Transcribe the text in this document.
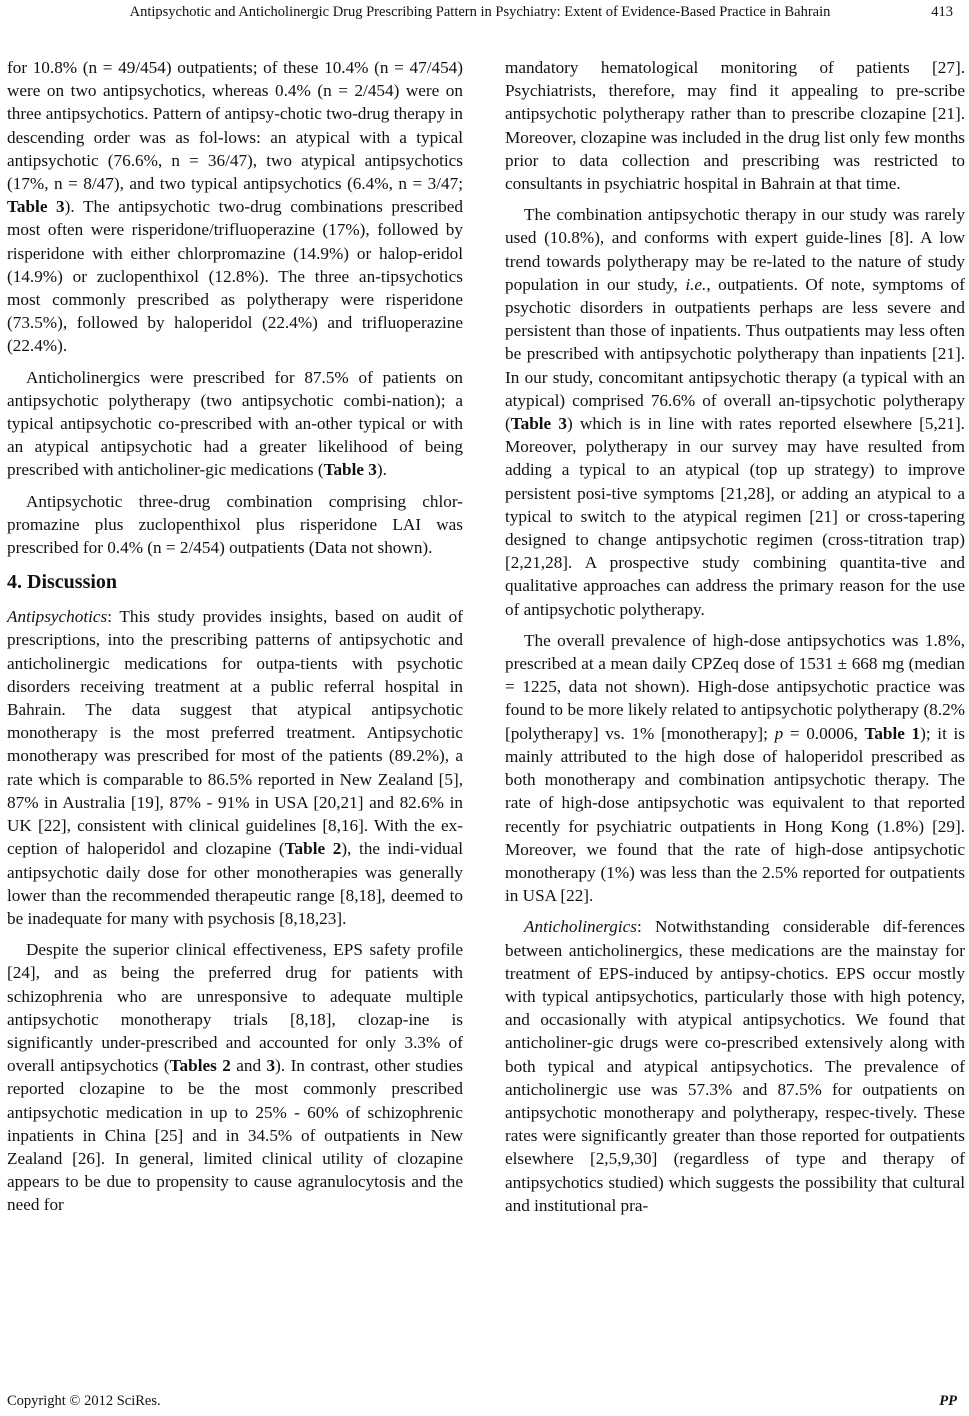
Antipsychotic and Anticholinergic Drug Prescribing Pattern in Psychiatry: Extent of Evidence-Based Practice in Bahrain	413

for 10.8% (n = 49/454) outpatients; of these 10.4% (n = 47/454) were on two antipsychotics, whereas 0.4% (n = 2/454) were on three antipsychotics. Pattern of antipsy-chotic two-drug therapy in descending order was as fol-lows: an atypical with a typical antipsychotic (76.6%, n = 36/47), two atypical antipsychotics (17%, n = 8/47), and two typical antipsychotics (6.4%, n = 3/47; Table 3). The antipsychotic two-drug combinations prescribed most often were risperidone/trifluoperazine (17%), followed by risperidone with either chlorpromazine (14.9%) or halop-eridol (14.9%) or zuclopenthixol (12.8%). The three an-tipsychotics most commonly prescribed as polytherapy were risperidone (73.5%), followed by haloperidol (22.4%) and trifluoperazine (22.4%).

Anticholinergics were prescribed for 87.5% of patients on antipsychotic polytherapy (two antipsychotic combi-nation); a typical antipsychotic co-prescribed with an-other typical or with an atypical antipsychotic had a greater likelihood of being prescribed with anticholiner-gic medications (Table 3).

Antipsychotic three-drug combination comprising chlor-promazine plus zuclopenthixol plus risperidone LAI was prescribed for 0.4% (n = 2/454) outpatients (Data not shown).

4. Discussion

Antipsychotics: This study provides insights, based on audit of prescriptions, into the prescribing patterns of antipsychotic and anticholinergic medications for outpa-tients with psychotic disorders receiving treatment at a public referral hospital in Bahrain. The data suggest that atypical antipsychotic monotherapy is the most preferred treatment. Antipsychotic monotherapy was prescribed for most of the patients (89.2%), a rate which is comparable to 86.5% reported in New Zealand [5], 87% in Australia [19], 87% - 91% in USA [20,21] and 82.6% in UK [22], consistent with clinical guidelines [8,16]. With the ex-ception of haloperidol and clozapine (Table 2), the indi-vidual antipsychotic daily dose for other monotherapies was generally lower than the recommended therapeutic range [8,18], deemed to be inadequate for many with psychosis [8,18,23].

Despite the superior clinical effectiveness, EPS safety profile [24], and as being the preferred drug for patients with schizophrenia who are unresponsive to adequate multiple antipsychotic monotherapy trials [8,18], clozap-ine is significantly under-prescribed and accounted for only 3.3% of overall antipsychotics (Tables 2 and 3). In contrast, other studies reported clozapine to be the most commonly prescribed antipsychotic medication in up to 25% - 60% of schizophrenic inpatients in China [25] and in 34.5% of outpatients in New Zealand [26]. In general, limited clinical utility of clozapine appears to be due to propensity to cause agranulocytosis and the need for

mandatory hematological monitoring of patients [27]. Psychiatrists, therefore, may find it appealing to pre-scribe antipsychotic polytherapy rather than to prescribe clozapine [21]. Moreover, clozapine was included in the drug list only few months prior to data collection and prescribing was restricted to consultants in psychiatric hospital in Bahrain at that time.

The combination antipsychotic therapy in our study was rarely used (10.8%), and conforms with expert guide-lines [8]. A low trend towards polytherapy may be re-lated to the nature of study population in our study, i.e., outpatients. Of note, symptoms of psychotic disorders in outpatients perhaps are less severe and persistent than those of inpatients. Thus outpatients may less often be prescribed with antipsychotic polytherapy than inpatients [21]. In our study, concomitant antipsychotic therapy (a typical with an atypical) comprised 76.6% of overall an-tipsychotic polytherapy (Table 3) which is in line with rates reported elsewhere [5,21]. Moreover, polytherapy in our survey may have resulted from adding a typical to an atypical (top up strategy) to improve persistent posi-tive symptoms [21,28], or adding an atypical to a typical to switch to the atypical regimen [21] or cross-tapering designed to change antipsychotic regimen (cross-titration trap) [2,21,28]. A prospective study combining quantita-tive and qualitative approaches can address the primary reason for the use of antipsychotic polytherapy.

The overall prevalence of high-dose antipsychotics was 1.8%, prescribed at a mean daily CPZeq dose of 1531 ± 668 mg (median = 1225, data not shown). High-dose antipsychotic practice was found to be more likely related to antipsychotic polytherapy (8.2% [polytherapy] vs. 1% [monotherapy]; p = 0.0006, Table 1); it is mainly attributed to the high dose of haloperidol prescribed as both monotherapy and combination antipsychotic therapy. The rate of high-dose antipsychotic was equivalent to that reported recently for psychiatric outpatients in Hong Kong (1.8%) [29]. Moreover, we found that the rate of high-dose antipsychotic monotherapy (1%) was less than the 2.5% reported for outpatients in USA [22].

Anticholinergics: Notwithstanding considerable dif-ferences between anticholinergics, these medications are the mainstay for treatment of EPS-induced by antipsy-chotics. EPS occur mostly with typical antipsychotics, particularly those with high potency, and occasionally with atypical antipsychotics. We found that anticholiner-gic drugs were co-prescribed extensively along with both typical and atypical antipsychotics. The prevalence of anticholinergic use was 57.3% and 87.5% for outpatients on antipsychotic monotherapy and polytherapy, respec-tively. These rates were significantly greater than those reported for outpatients elsewhere [2,5,9,30] (regardless of type and therapy of antipsychotics studied) which suggests the possibility that cultural and institutional pra-

Copyright © 2012 SciRes.	PP
